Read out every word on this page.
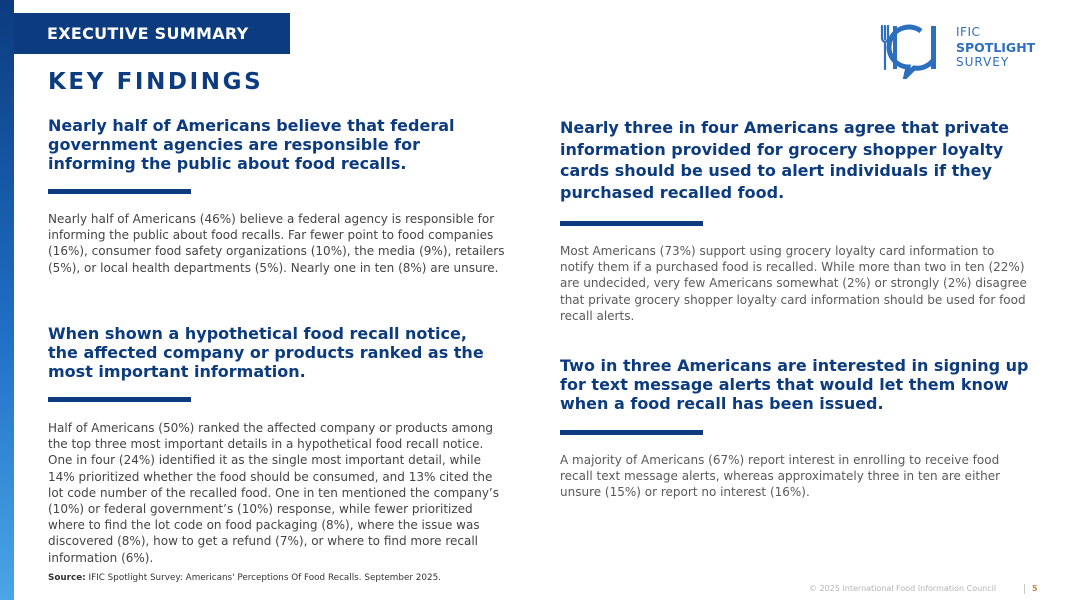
EXECUTIVE SUMMARY
KEY FINDINGS
IFIC
SPOTLIGHT
SURVEY
Nearly half of Americans believe that federal government agencies are responsible for informing the public about food recalls.
Nearly half of Americans (46%) believe a federal agency is responsible for informing the public about food recalls. Far fewer point to food companies (16%), consumer food safety organizations (10%), the media (9%), retailers (5%), or local health departments (5%). Nearly one in ten (8%) are unsure.
When shown a hypothetical food recall notice, the affected company or products ranked as the most important information.
Half of Americans (50%) ranked the affected company or products among the top three most important details in a hypothetical food recall notice. One in four (24%) identified it as the single most important detail, while 14% prioritized whether the food should be consumed, and 13% cited the lot code number of the recalled food. One in ten mentioned the company’s (10%) or federal government’s (10%) response, while fewer prioritized where to find the lot code on food packaging (8%), where the issue was discovered (8%), how to get a refund (7%), or where to find more recall information (6%).
Nearly three in four Americans agree that private information provided for grocery shopper loyalty cards should be used to alert individuals if they purchased recalled food.
Most Americans (73%) support using grocery loyalty card information to notify them if a purchased food is recalled. While more than two in ten (22%) are undecided, very few Americans somewhat (2%) or strongly (2%) disagree that private grocery shopper loyalty card information should be used for food recall alerts.
Two in three Americans are interested in signing up for text message alerts that would let them know when a food recall has been issued.
A majority of Americans (67%) report interest in enrolling to receive food recall text message alerts, whereas approximately three in ten are either unsure (15%) or report no interest (16%).
Source: IFIC Spotlight Survey: Americans' Perceptions Of Food Recalls. September 2025.
© 2025 International Food Information Council	5
